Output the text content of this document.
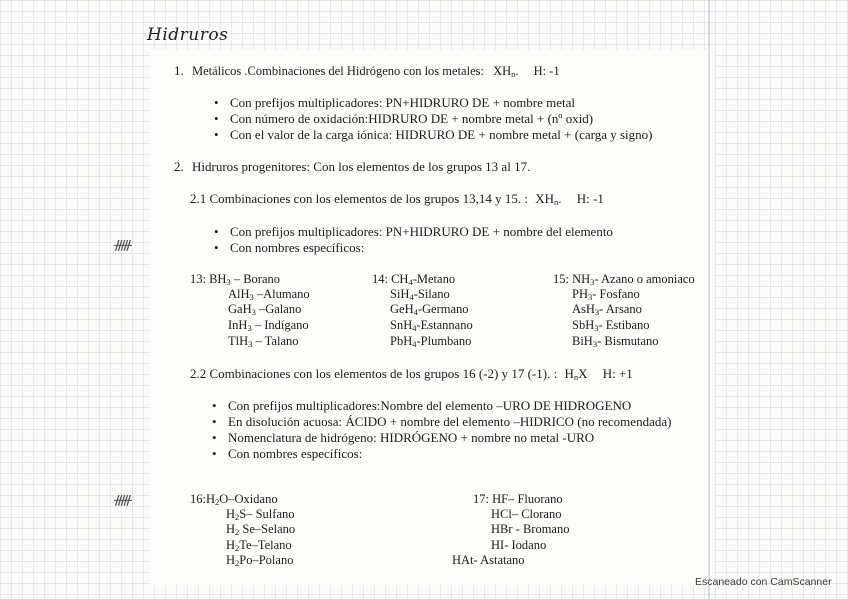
ᚏ
ᚏ
Hidruros
1. Metálicos .Combinaciones del Hidrógeno con los metales: $XH_n$. H: -1
• Con prefijos multiplicadores: PN+HIDRURO DE + nombre metal
• Con número de oxidación:HIDRURO DE + nombre metal + (nº oxid)
• Con el valor de la carga iónica: HIDRURO DE + nombre metal + (carga y signo)
2. Hidruros progenitores: Con los elementos de los grupos 13 al 17.
2.1 Combinaciones con los elementos de los grupos 13,14 y 15. : $XH_n$. H: -1
• Con prefijos multiplicadores: PN+HIDRURO DE + nombre del elemento
• Con nombres específicos:
13: $BH_3$ – Borano
AlH$_3$ –Alumano
GaH$_3$ –Galano
InH$_3$ – Indígano
TlH$_3$ – Talano
14: $CH_4$-Metano
SiH$_4$-Silano
GeH$_4$-Germano
SnH$_4$-Estannano
PbH$_4$-Plumbano
15: $NH_3-$ Azano o amoniaco
$PH_3-$ Fosfano
AsH$_3$- Arsano
SbH$_3$- Estibano
BiH$_3$- Bismutano
2.2 Combinaciones con los elementos de los grupos 16 (-2) y 17 (-1). : $H_nX$ H: +1
• Con prefijos multiplicadores:Nombre del elemento –URO DE HIDROGENO
• En disolución acuosa: ÁCIDO + nombre del elemento –HIDRICO (no recomendada)
• Nomenclatura de hidrógeno: HIDRÓGENO + nombre no metal -URO
• Con nombres específicos:
$16:H_2O$–Oxidano
$H_2S-$ Sulfano
$H_2$ Se–Selano
$H_2Te$–Telano
$H_2Po$–Polano
17: HF– Fluorano
HCl– Clorano
HBr - Bromano
HI- Iodano
HAt- Astatano
Escaneado con CamScanner
